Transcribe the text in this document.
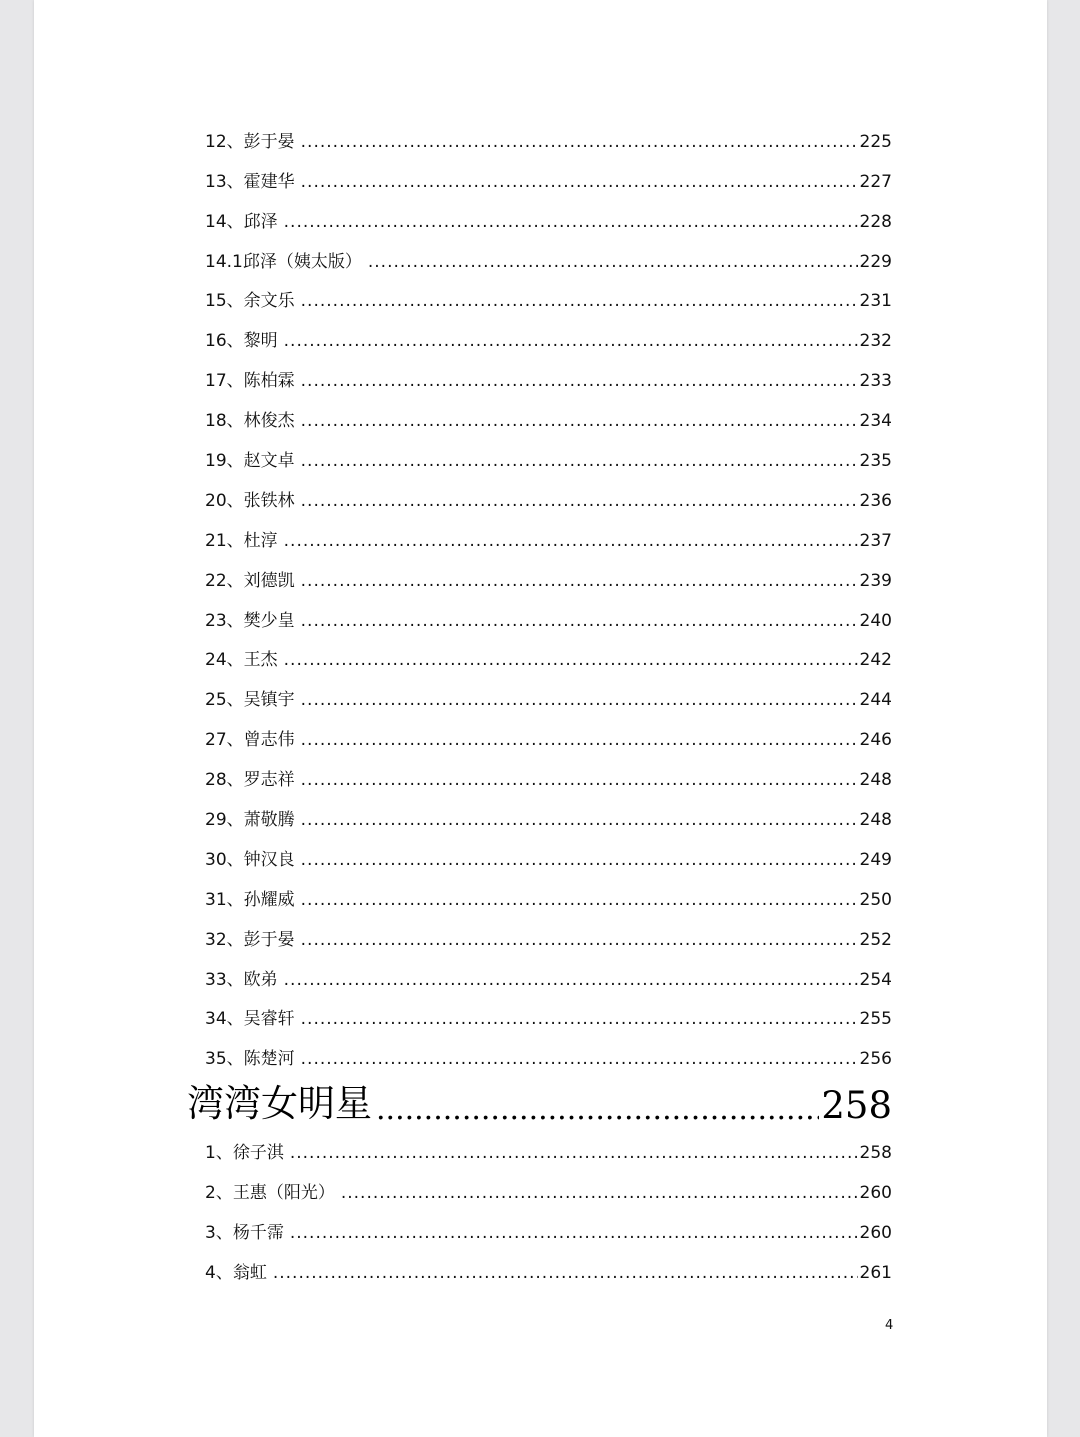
12、彭于晏 .....	225
13、霍建华 .....	227
14、邱泽 .....	228
14.1邱泽（姨太版） .....	229
15、余文乐 .....	231
16、黎明 .....	232
17、陈柏霖 .....	233
18、林俊杰 .....	234
19、赵文卓 .....	235
20、张铁林 .....	236
21、杜淳 .....	237
22、刘德凯 .....	239
23、樊少皇 .....	240
24、王杰 .....	242
25、吴镇宇 .....	244
27、曾志伟 .....	246
28、罗志祥 .....	248
29、萧敬腾 .....	248
30、钟汉良 .....	249
31、孙耀威 .....	250
32、彭于晏 .....	252
33、欧弟 .....	254
34、吴睿轩 .....	255
35、陈楚河 .....	256
湾湾女明星 .....	258
1、徐子淇 .....	258
2、王惠（阳光） .....	260
3、杨千霈 .....	260
4、翁虹 .....	261
4
